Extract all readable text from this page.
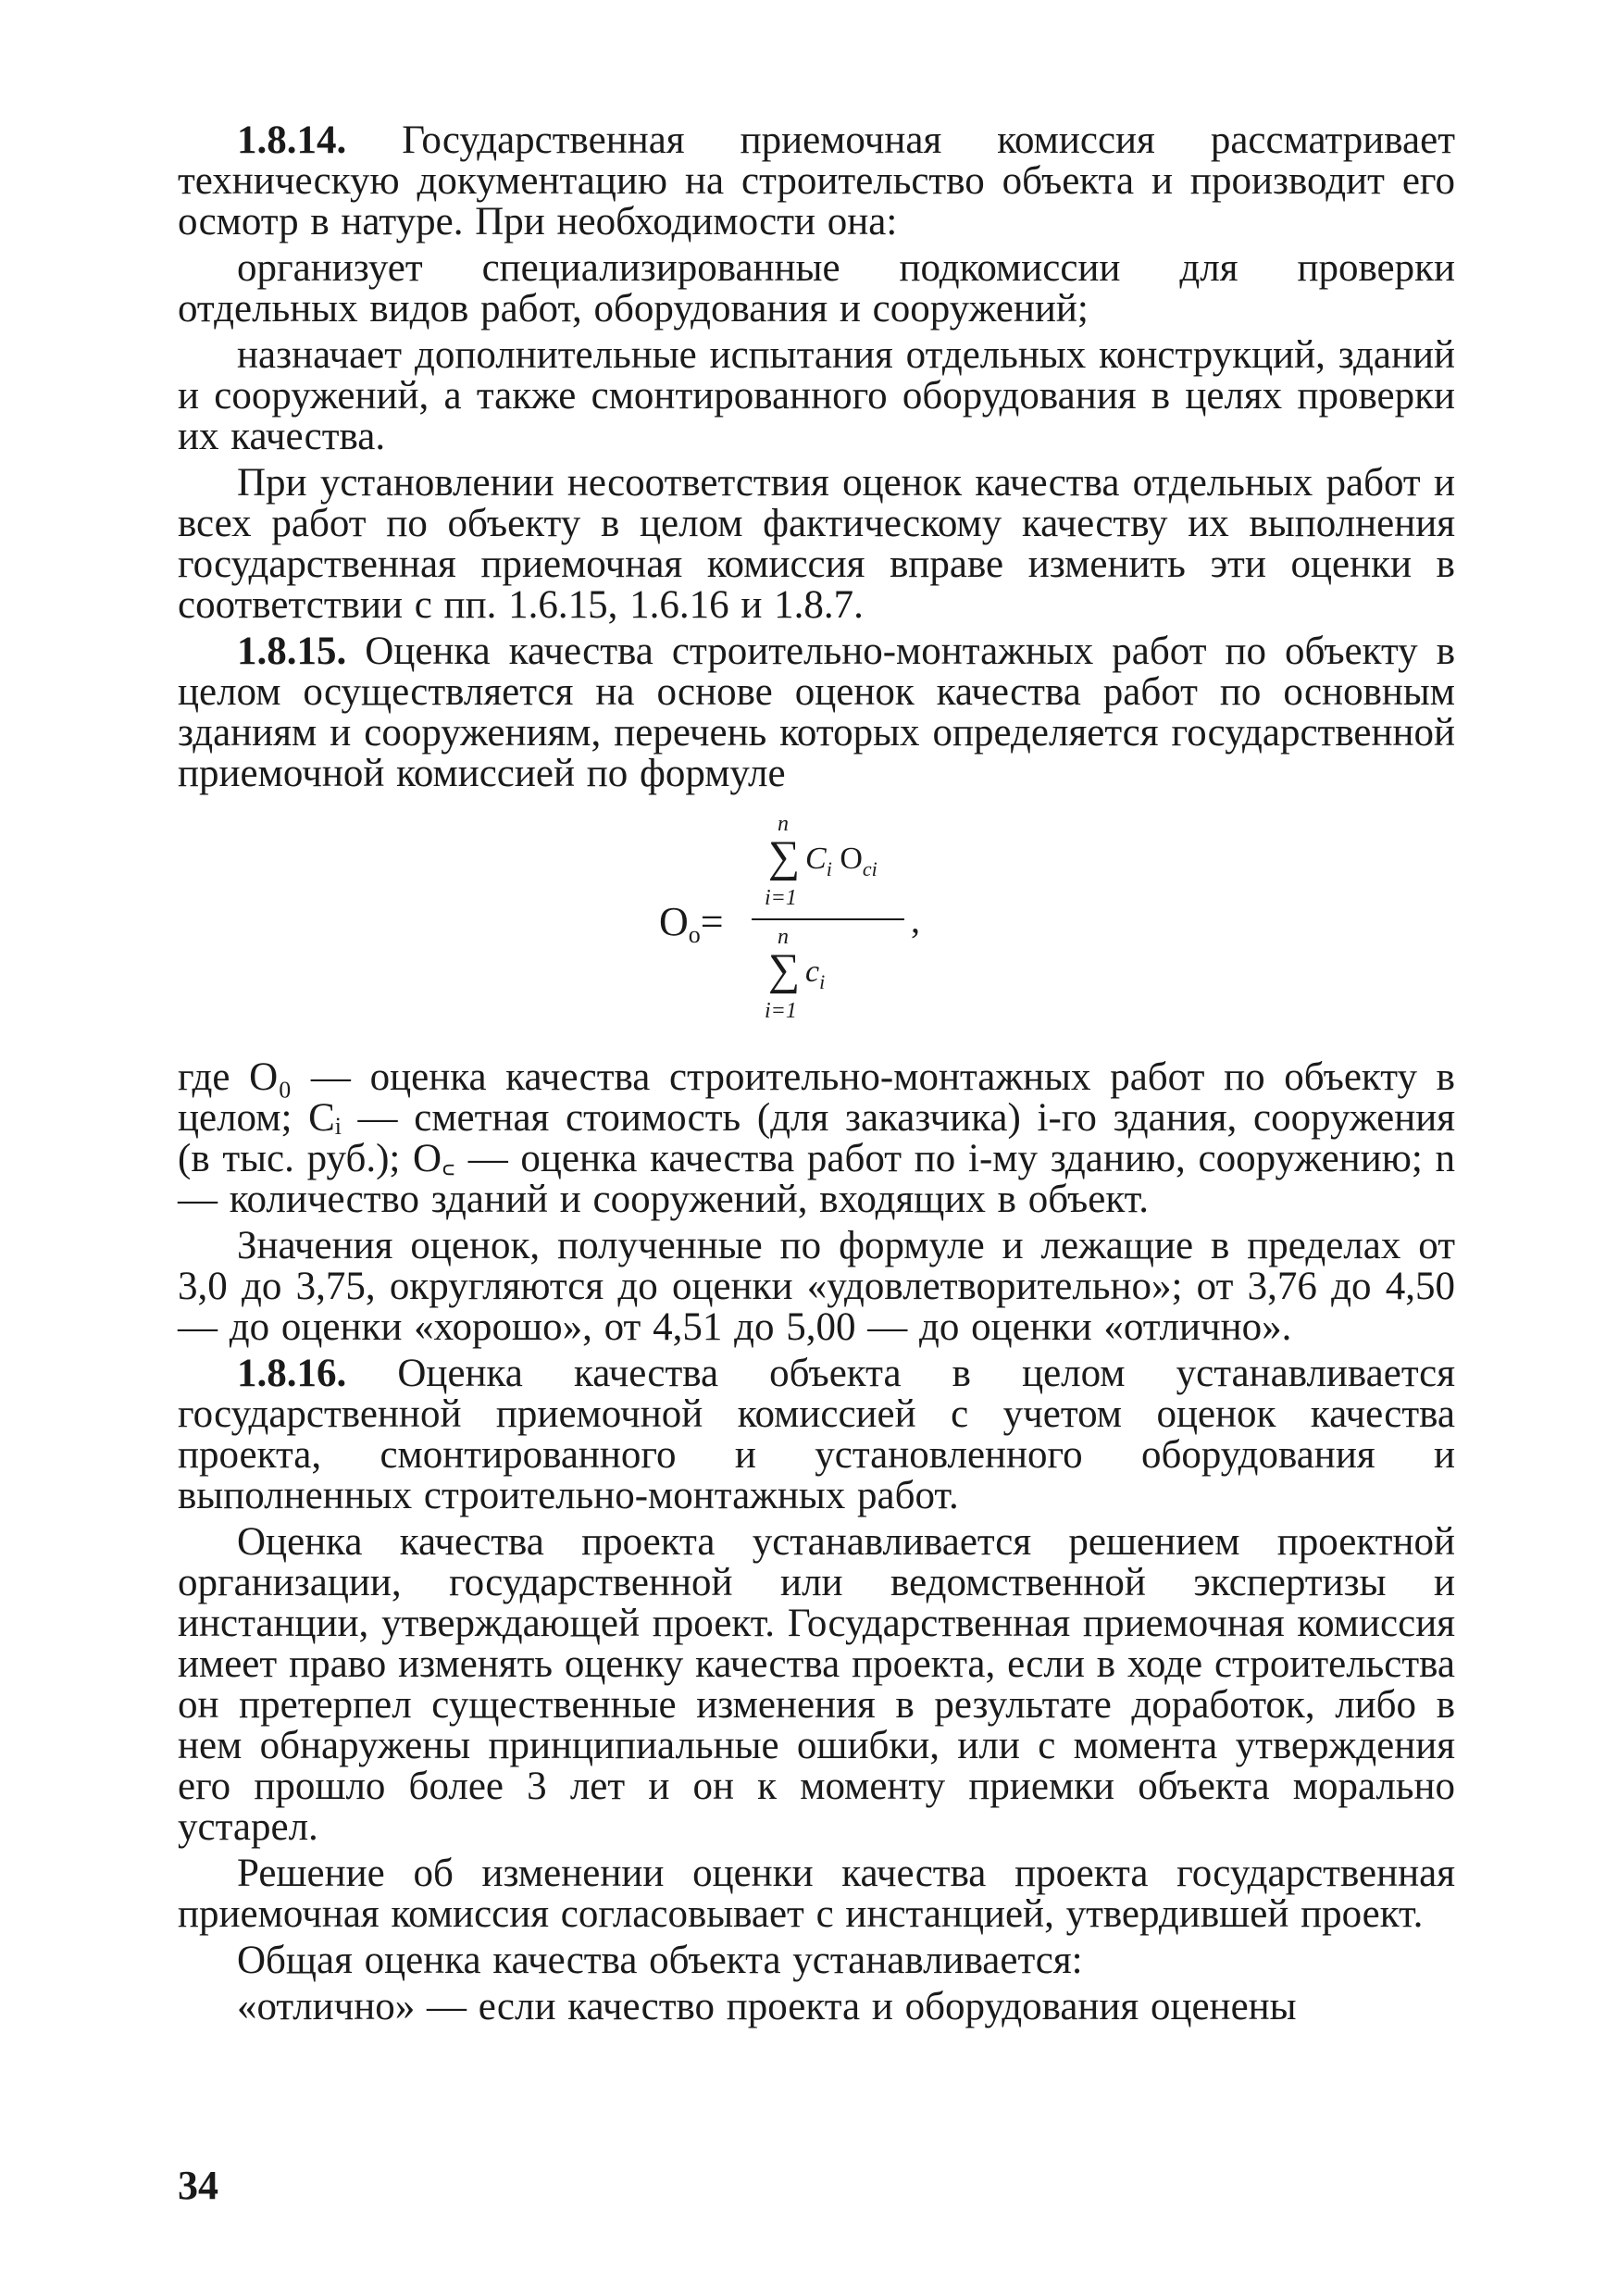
1.8.14. Государственная приемочная комиссия рассматривает техническую документацию на строительство объекта и производит его осмотр в натуре. При необходимости она:

организует специализированные подкомиссии для проверки отдельных видов работ, оборудования и сооружений;

назначает дополнительные испытания отдельных конструкций, зданий и сооружений, а также смонтированного оборудования в целях проверки их качества.

При установлении несоответствия оценок качества отдельных работ и всех работ по объекту в целом фактическому качеству их выполнения государственная приемочная комиссия вправе изменить эти оценки в соответствии с пп. 1.6.15, 1.6.16 и 1.8.7.

1.8.15. Оценка качества строительно-монтажных работ по объекту в целом осуществляется на основе оценок качества работ по основным зданиям и сооружениям, перечень которых определяется государственной приемочной комиссией по формуле

$O_o=$
n
∑ $C_i$ $O_{ci}$
i=1
,
n
∑ $c_i$
i=1

где O₀ — оценка качества строительно-монтажных работ по объекту в целом; Cᵢ — сметная стоимость (для заказчика) i-го здания, сооружения (в тыс. руб.); O꜀ — оценка качества работ по i-му зданию, сооружению; n — количество зданий и сооружений, входящих в объект.

Значения оценок, полученные по формуле и лежащие в пределах от 3,0 до 3,75, округляются до оценки «удовлетворительно»; от 3,76 до 4,50 — до оценки «хорошо», от 4,51 до 5,00 — до оценки «отлично».

1.8.16. Оценка качества объекта в целом устанавливается государственной приемочной комиссией с учетом оценок качества проекта, смонтированного и установленного оборудования и выполненных строительно-монтажных работ.

Оценка качества проекта устанавливается решением проектной организации, государственной или ведомственной экспертизы и инстанции, утверждающей проект. Государственная приемочная комиссия имеет право изменять оценку качества проекта, если в ходе строительства он претерпел существенные изменения в результате доработок, либо в нем обнаружены принципиальные ошибки, или с момента утверждения его прошло более 3 лет и он к моменту приемки объекта морально устарел.

Решение об изменении оценки качества проекта государственная приемочная комиссия согласовывает с инстанцией, утвердившей проект.

Общая оценка качества объекта устанавливается:

«отлично» — если качество проекта и оборудования оценены

34
